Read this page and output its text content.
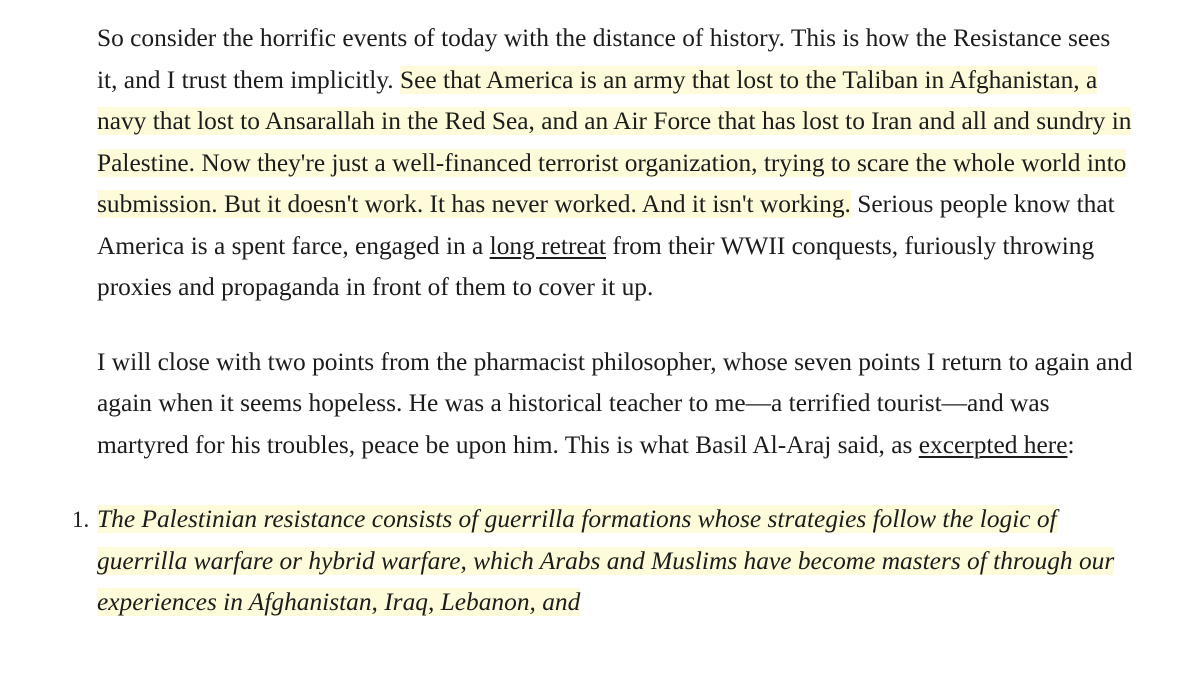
So consider the horrific events of today with the distance of history. This is how the Resistance sees it, and I trust them implicitly. See that America is an army that lost to the Taliban in Afghanistan, a navy that lost to Ansarallah in the Red Sea, and an Air Force that has lost to Iran and all and sundry in Palestine. Now they're just a well-financed terrorist organization, trying to scare the whole world into submission. But it doesn't work. It has never worked. And it isn't working. Serious people know that America is a spent farce, engaged in a long retreat from their WWII conquests, furiously throwing proxies and propaganda in front of them to cover it up.

I will close with two points from the pharmacist philosopher, whose seven points I return to again and again when it seems hopeless. He was a historical teacher to me—a terrified tourist—and was martyred for his troubles, peace be upon him. This is what Basil Al-Araj said, as excerpted here:

1. The Palestinian resistance consists of guerrilla formations whose strategies follow the logic of guerrilla warfare or hybrid warfare, which Arabs and Muslims have become masters of through our experiences in Afghanistan, Iraq, Lebanon, and
